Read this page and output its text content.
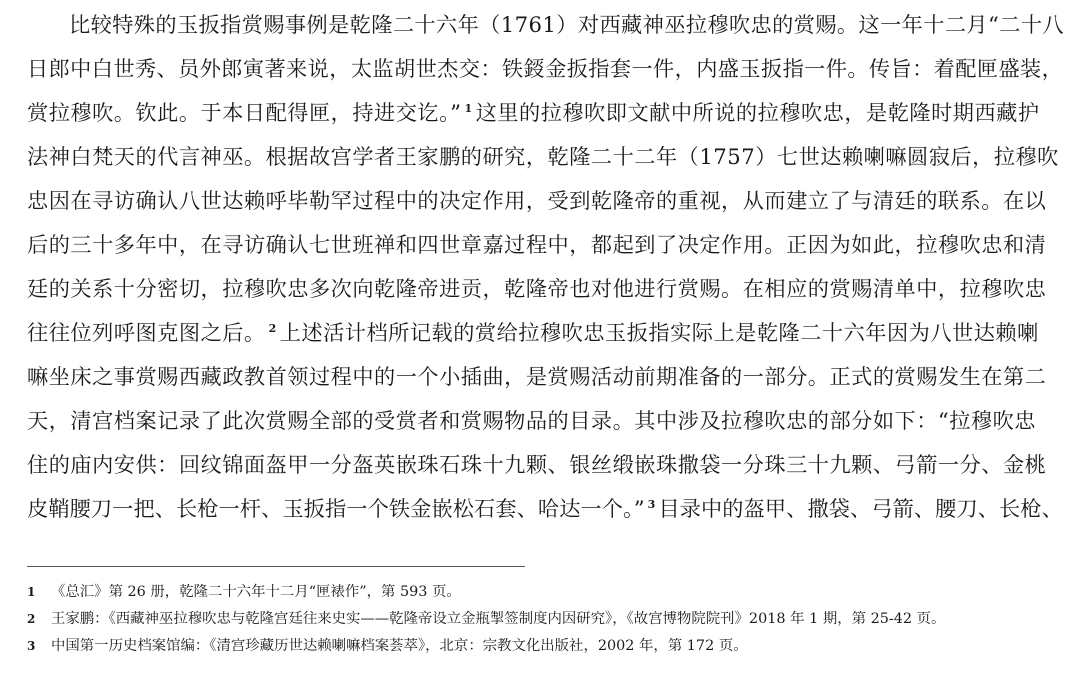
比较特殊的玉扳指赏赐事例是乾隆二十六年（1761）对西藏神巫拉穆吹忠的赏赐。这一年十二月“二十八
日郎中白世秀、员外郎寅著来说，太监胡世杰交：铁鋄金扳指套一件，内盛玉扳指一件。传旨：着配匣盛装，
赏拉穆吹。钦此。于本日配得匣，持进交讫。” $^1$ 这里的拉穆吹即文献中所说的拉穆吹忠，是乾隆时期西藏护
法神白梵天的代言神巫。根据故宫学者王家鹏的研究，乾隆二十二年（1757）七世达赖喇嘛圆寂后，拉穆吹
忠因在寻访确认八世达赖呼毕勒罕过程中的决定作用，受到乾隆帝的重视，从而建立了与清廷的联系。在以
后的三十多年中，在寻访确认七世班禅和四世章嘉过程中，都起到了决定作用。正因为如此，拉穆吹忠和清
廷的关系十分密切，拉穆吹忠多次向乾隆帝进贡，乾隆帝也对他进行赏赐。在相应的赏赐清单中，拉穆吹忠
往往位列呼图克图之后。 $^2$ 上述活计档所记载的赏给拉穆吹忠玉扳指实际上是乾隆二十六年因为八世达赖喇
嘛坐床之事赏赐西藏政教首领过程中的一个小插曲，是赏赐活动前期准备的一部分。正式的赏赐发生在第二
天，清宫档案记录了此次赏赐全部的受赏者和赏赐物品的目录。其中涉及拉穆吹忠的部分如下：“拉穆吹忠
住的庙内安供：回纹锦面盔甲一分盔英嵌珠石珠十九颗、银丝缎嵌珠撒袋一分珠三十九颗、弓箭一分、金桃
皮鞘腰刀一把、长枪一杆、玉扳指一个铁金嵌松石套、哈达一个。” $^3$ 目录中的盔甲、撒袋、弓箭、腰刀、长枪、
1 《总汇》第 26 册，乾隆二十六年十二月“匣裱作”，第 593 页。
2 王家鹏：《西藏神巫拉穆吹忠与乾隆宫廷往来史实——乾隆帝设立金瓶掣签制度内因研究》，《故宫博物院院刊》2018 年 1 期，第 25-42 页。
3 中国第一历史档案馆编：《清宫珍藏历世达赖喇嘛档案荟萃》，北京：宗教文化出版社，2002 年，第 172 页。
